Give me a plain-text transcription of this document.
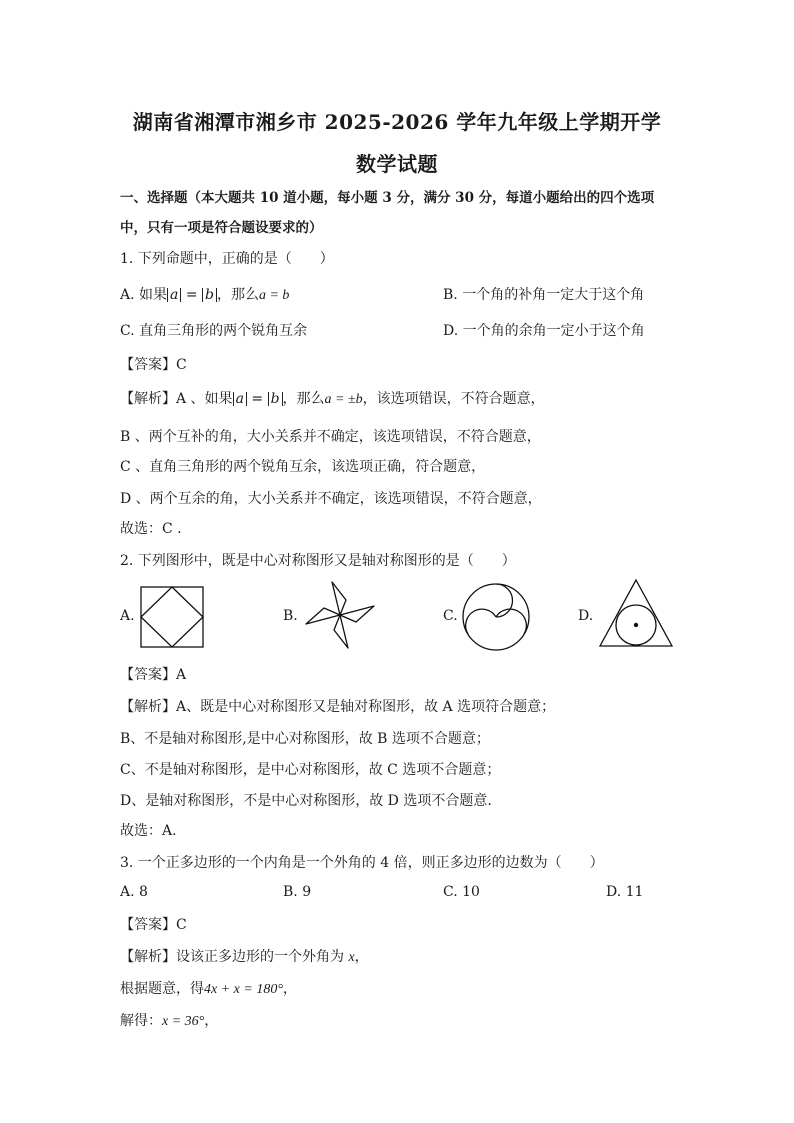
湖南省湘潭市湘乡市 2025-2026 学年九年级上学期开学
数学试题
一、选择题（本大题共 10 道小题，每小题 3 分，满分 30 分，每道小题给出的四个选项
中，只有一项是符合题设要求的）
1. 下列命题中，正确的是（　　）
A. 如果 a = b ，那么a = b	B. 一个角的补角一定大于这个角
C. 直角三角形的两个锐角互余	D. 一个角的余角一定小于这个角
【答案】C
【解析】A 、如果 a = b ，那么a = ±b，该选项错误，不符合题意，
B 、两个互补的角，大小关系并不确定，该选项错误，不符合题意，
C 、直角三角形的两个锐角互余，该选项正确，符合题意，
D 、两个互余的角，大小关系并不确定，该选项错误，不符合题意，
故选：C .
2. 下列图形中，既是中心对称图形又是轴对称图形的是（　　）
A.	B.	C.	D.
【答案】A
【解析】A、既是中心对称图形又是轴对称图形，故 A 选项符合题意；
B、不是轴对称图形,是中心对称图形，故 B 选项不合题意；
C、不是轴对称图形，是中心对称图形，故 C 选项不合题意；
D、是轴对称图形，不是中心对称图形，故 D 选项不合题意.
故选：A.
3. 一个正多边形的一个内角是一个外角的 4 倍，则正多边形的边数为（　　）
A. 8	B. 9	C. 10	D. 11
【答案】C
【解析】设该正多边形的一个外角为 x，
根据题意，得4x + x = 180°，
解得：x = 36°，
